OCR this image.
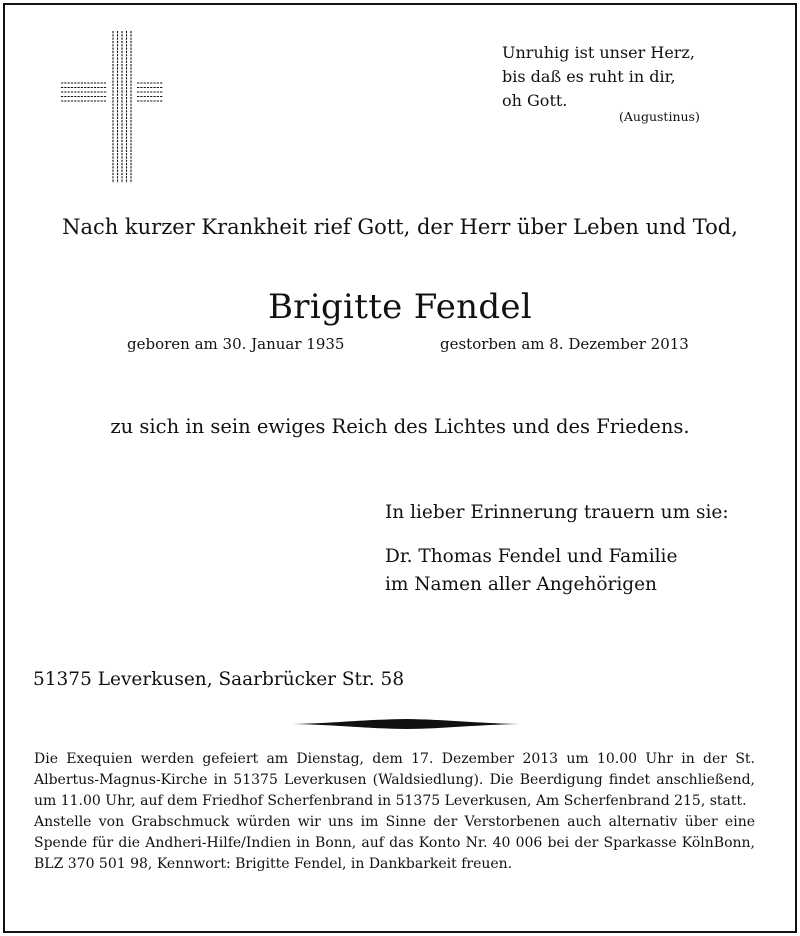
Unruhig ist unser Herz,
bis daß es ruht in dir,
oh Gott.
(Augustinus)
Nach kurzer Krankheit rief Gott, der Herr über Leben und Tod,
Brigitte Fendel
geboren am 30. Januar 1935	gestorben am 8. Dezember 2013
zu sich in sein ewiges Reich des Lichtes und des Friedens.
In lieber Erinnerung trauern um sie:
Dr. Thomas Fendel und Familie
im Namen aller Angehörigen
51375 Leverkusen, Saarbrücker Str. 58

Die Exequien werden gefeiert am Dienstag, dem 17. Dezember 2013 um 10.00 Uhr in der St. Albertus-Magnus-Kirche in 51375 Leverkusen (Waldsiedlung). Die Beerdigung findet anschließend, um 11.00 Uhr, auf dem Friedhof Scherfenbrand in 51375 Leverkusen, Am Scherfenbrand 215, statt.

Anstelle von Grabschmuck würden wir uns im Sinne der Verstorbenen auch alternativ über eine Spende für die Andheri-Hilfe/Indien in Bonn, auf das Konto Nr. 40 006 bei der Sparkasse KölnBonn, BLZ 370 501 98, Kennwort: Brigitte Fendel, in Dankbarkeit freuen.
